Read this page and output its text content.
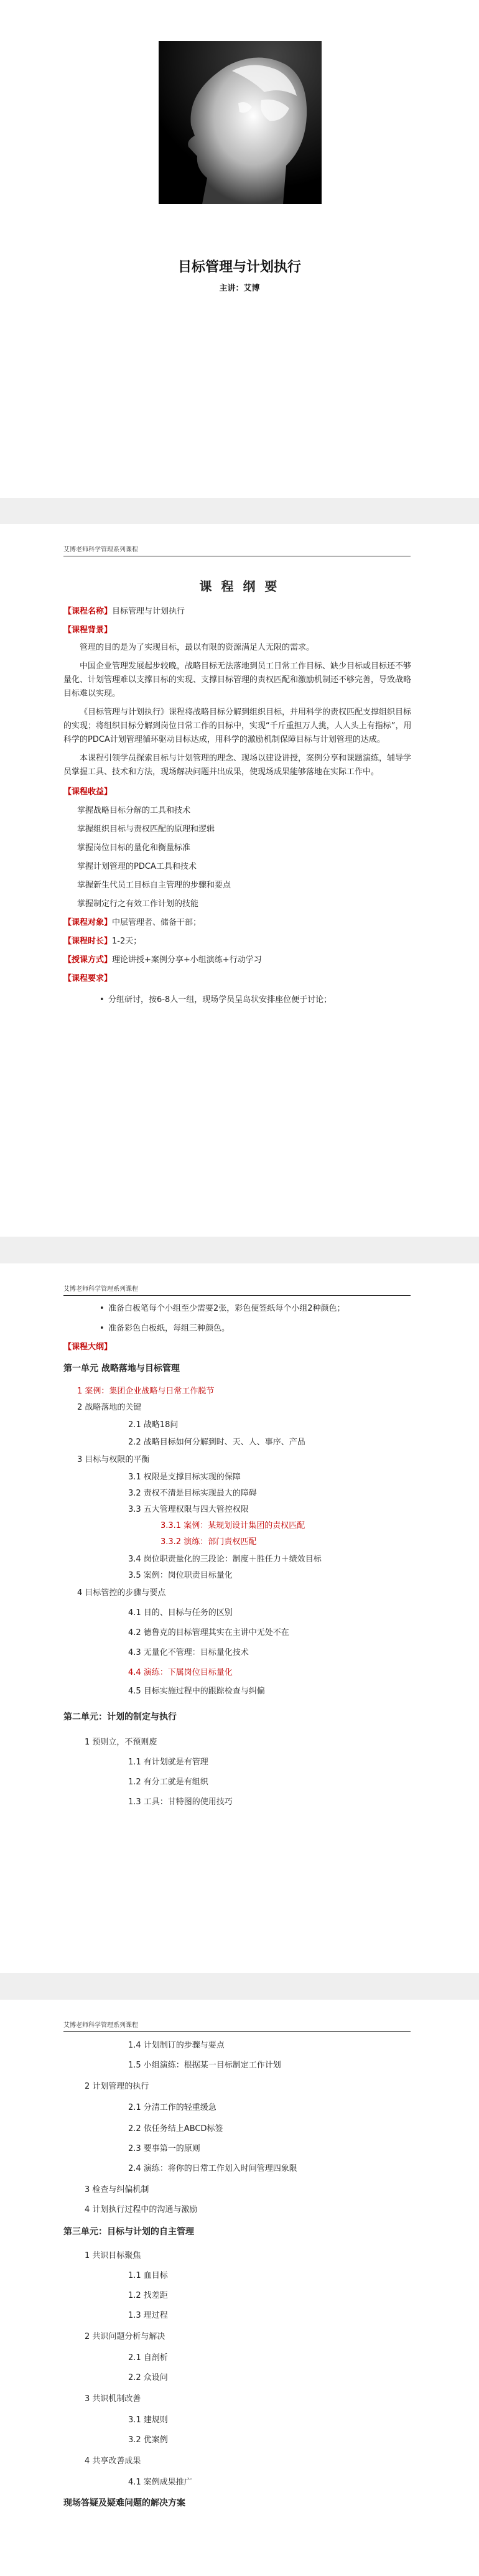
目标管理与计划执行
主讲：艾博
艾博老师科学管理系列课程
课 程 纲 要

【课程名称】目标管理与计划执行

【课程背景】

管理的目的是为了实现目标，最以有限的资源满足人无限的需求。

中国企业管理发展起步较晚，战略目标无法落地到员工日常工作目标、缺少目标或目标还不够量化、计划管理难以支撑目标的实现、支撑目标管理的责权匹配和激励机制还不够完善，导致战略目标难以实现。

《目标管理与计划执行》课程将战略目标分解到组织目标，并用科学的责权匹配支撑组织目标的实现；将组织目标分解到岗位日常工作的目标中，实现“千斤重担万人挑，人人头上有指标”，用科学的PDCA计划管理循环驱动目标达成，用科学的激励机制保障目标与计划管理的达成。

本课程引领学员探索目标与计划管理的理念、现场以建设讲授，案例分享和课题演练，辅导学员掌握工具、技术和方法，现场解决问题并出成果，使现场成果能够落地在实际工作中。

【课程收益】

掌握战略目标分解的工具和技术

掌握组织目标与责权匹配的原理和逻辑

掌握岗位目标的量化和衡量标准

掌握计划管理的PDCA工具和技术

掌握新生代员工目标自主管理的步骤和要点

掌握制定行之有效工作计划的技能

【课程对象】中层管理者、储备干部；

【课程时长】1-2天；

【授课方式】理论讲授+案例分享+小组演练+行动学习

【课程要求】

• 分组研讨，按6-8人一组，现场学员呈岛状安排座位便于讨论；

艾博老师科学管理系列课程

• 准备白板笔每个小组至少需要2张，彩色便签纸每个小组2种颜色；

• 准备彩色白板纸，每组三种颜色。

【课程大纲】

第一单元 战略落地与目标管理
1 案例：集团企业战略与日常工作脱节
2 战略落地的关键
2.1 战略18问
2.2 战略目标如何分解到时、天、人、事序、产品
3 目标与权限的平衡
3.1 权限是支撑目标实现的保障
3.2 责权不清是目标实现最大的障碍
3.3 五大管理权限与四大管控权限
3.3.1 案例：某规划设计集团的责权匹配
3.3.2 演练：部门责权匹配
3.4 岗位职责量化的三段论：制度＋胜任力＋绩效目标
3.5 案例：岗位职责目标量化
4 目标管控的步骤与要点
4.1 目的、目标与任务的区别
4.2 德鲁克的目标管理其实在主讲中无处不在
4.3 无量化不管理：目标量化技术
4.4 演练：下属岗位目标量化
4.5 目标实施过程中的跟踪检查与纠偏
第二单元：计划的制定与执行
1 预则立，不预则废
1.1 有计划就是有管理
1.2 有分工就是有组织
1.3 工具：甘特图的使用技巧
艾博老师科学管理系列课程
1.4 计划制订的步骤与要点
1.5 小组演练：根据某一目标制定工作计划
2 计划管理的执行
2.1 分清工作的轻重缓急
2.2 依任务结上ABCD标签
2.3 要事第一的原则
2.4 演练：将你的日常工作划入时间管理四象限
3 检查与纠偏机制
4 计划执行过程中的沟通与激励
第三单元：目标与计划的自主管理
1 共识目标聚焦
1.1 血目标
1.2 找差距
1.3 理过程
2 共识问题分析与解决
2.1 自剖析
2.2 众设问
3 共识机制改善
3.1 建规则
3.2 优案例
4 共享改善成果
4.1 案例成果推广
现场答疑及疑难问题的解决方案
